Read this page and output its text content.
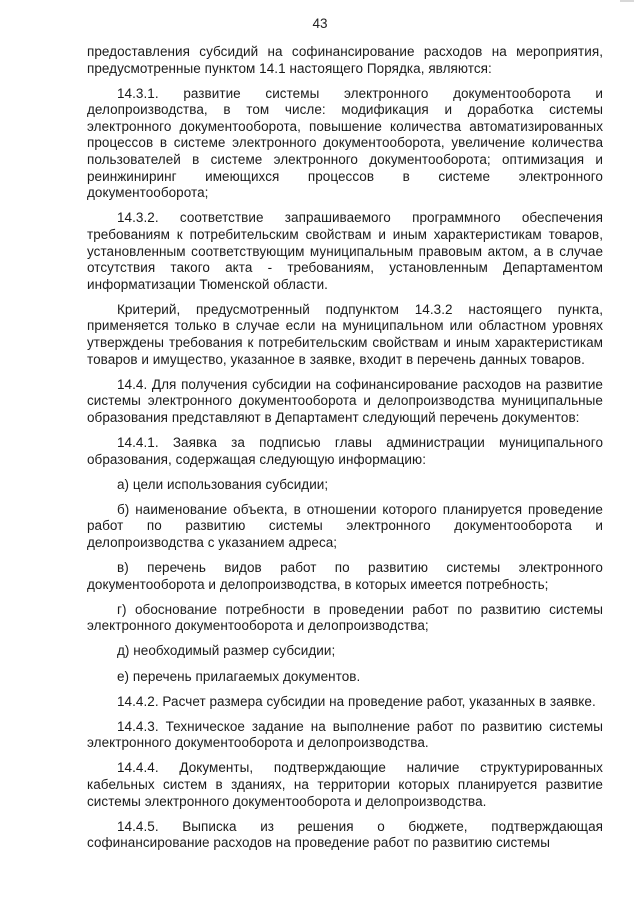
43

предоставления субсидий на софинансирование расходов на мероприятия, предусмотренные пунктом 14.1 настоящего Порядка, являются:

14.3.1. развитие системы электронного документооборота и делопроизводства, в том числе: модификация и доработка системы электронного документооборота, повышение количества автоматизированных процессов в системе электронного документооборота, увеличение количества пользователей в системе электронного документооборота; оптимизация и реинжиниринг имеющихся процессов в системе электронного документооборота;

14.3.2. соответствие запрашиваемого программного обеспечения требованиям к потребительским свойствам и иным характеристикам товаров, установленным соответствующим муниципальным правовым актом, а в случае отсутствия такого акта - требованиям, установленным Департаментом информатизации Тюменской области.

Критерий, предусмотренный подпунктом 14.3.2 настоящего пункта, применяется только в случае если на муниципальном или областном уровнях утверждены требования к потребительским свойствам и иным характеристикам товаров и имущество, указанное в заявке, входит в перечень данных товаров.

14.4. Для получения субсидии на софинансирование расходов на развитие системы электронного документооборота и делопроизводства муниципальные образования представляют в Департамент следующий перечень документов:

14.4.1. Заявка за подписью главы администрации муниципального образования, содержащая следующую информацию:

а) цели использования субсидии;

б) наименование объекта, в отношении которого планируется проведение работ по развитию системы электронного документооборота и делопроизводства с указанием адреса;

в) перечень видов работ по развитию системы электронного документооборота и делопроизводства, в которых имеется потребность;

г) обоснование потребности в проведении работ по развитию системы электронного документооборота и делопроизводства;

д) необходимый размер субсидии;

е) перечень прилагаемых документов.

14.4.2. Расчет размера субсидии на проведение работ, указанных в заявке.

14.4.3. Техническое задание на выполнение работ по развитию системы электронного документооборота и делопроизводства.

14.4.4. Документы, подтверждающие наличие структурированных кабельных систем в зданиях, на территории которых планируется развитие системы электронного документооборота и делопроизводства.

14.4.5. Выписка из решения о бюджете, подтверждающая софинансирование расходов на проведение работ по развитию системы
